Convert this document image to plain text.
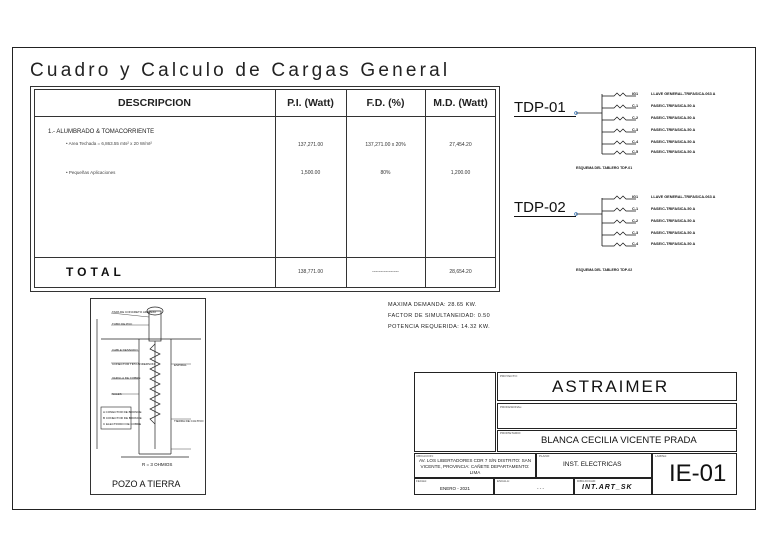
Cuadro y Calculo de Cargas General
DESCRIPCION	P.I. (Watt)	F.D. (%)	M.D. (Watt)
1.- ALUMBRADO & TOMACORRIENTE
• Area Techada = 6,863.55 mts² x 20 W/mt²	137,271.00	137,271.00 x 20%	27,454.20
• Pequeñas Aplicaciones	1,500.00	80%	1,200.00
TOTAL	138,771.00	----------------	28,654.20
MAXIMA DEMANDA: 28.65 KW.
FACTOR DE SIMULTANEIDAD: 0.50
POTENCIA REQUERIDA: 14.32 KW.
TDP-01
IG1
C-1
C-2
C-3
C-4
C-5
LLAVE GENERAL-TRIFASICA-063 A
PASE/C-TRIFASICA-50 A
PASE/C-TRIFASICA-50 A
PASE/C-TRIFASICA-50 A
PASE/C-TRIFASICA-50 A
PASE/C-TRIFASICA-50 A
ESQUEMA DEL TABLERO TDP-01
TDP-02
IG1
C-1
C-2
C-3
C-4
LLAVE GENERAL-TRIFASICA-063 A
PASE/C-TRIFASICA-50 A
PASE/C-TRIFASICA-50 A
PASE/C-TRIFASICA-50 A
PASE/C-TRIFASICA-50 A
ESQUEMA DEL TABLERO TDP-02
TAPA DE CONCRETO ARMADO
TUBO DE PVC
CABLE DESNUDO
CONECTOR TIPO ANDERSON
VARILLA DE COBRE
SALES
ESPIRAL
TIERRA DE CULTIVO
A CONECTOR DE BRONCE
B CONECTOR DE BRONCE
C ELECTRODO DE COBRE
R = 3 OHMIOS
POZO A TIERRA
PROYECTO:
ASTRAIMER
PROFESIONAL:
PROPIETARIO:
BLANCA CECILIA VICENTE PRADA
UBICACION:
AV. LOS LIBERTADORES CDR 7 S/N DISTRITO: SAN VICENTE, PROVINCIA: CAÑETE DEPARTAMENTO: LIMA
PLANO:
INST. ELECTRICAS
LAMINA:
IE-01
FECHA:
ENERO - 2021
ESCALA:
- - -
DIBUJO/CAD:
INT.ART_SK
